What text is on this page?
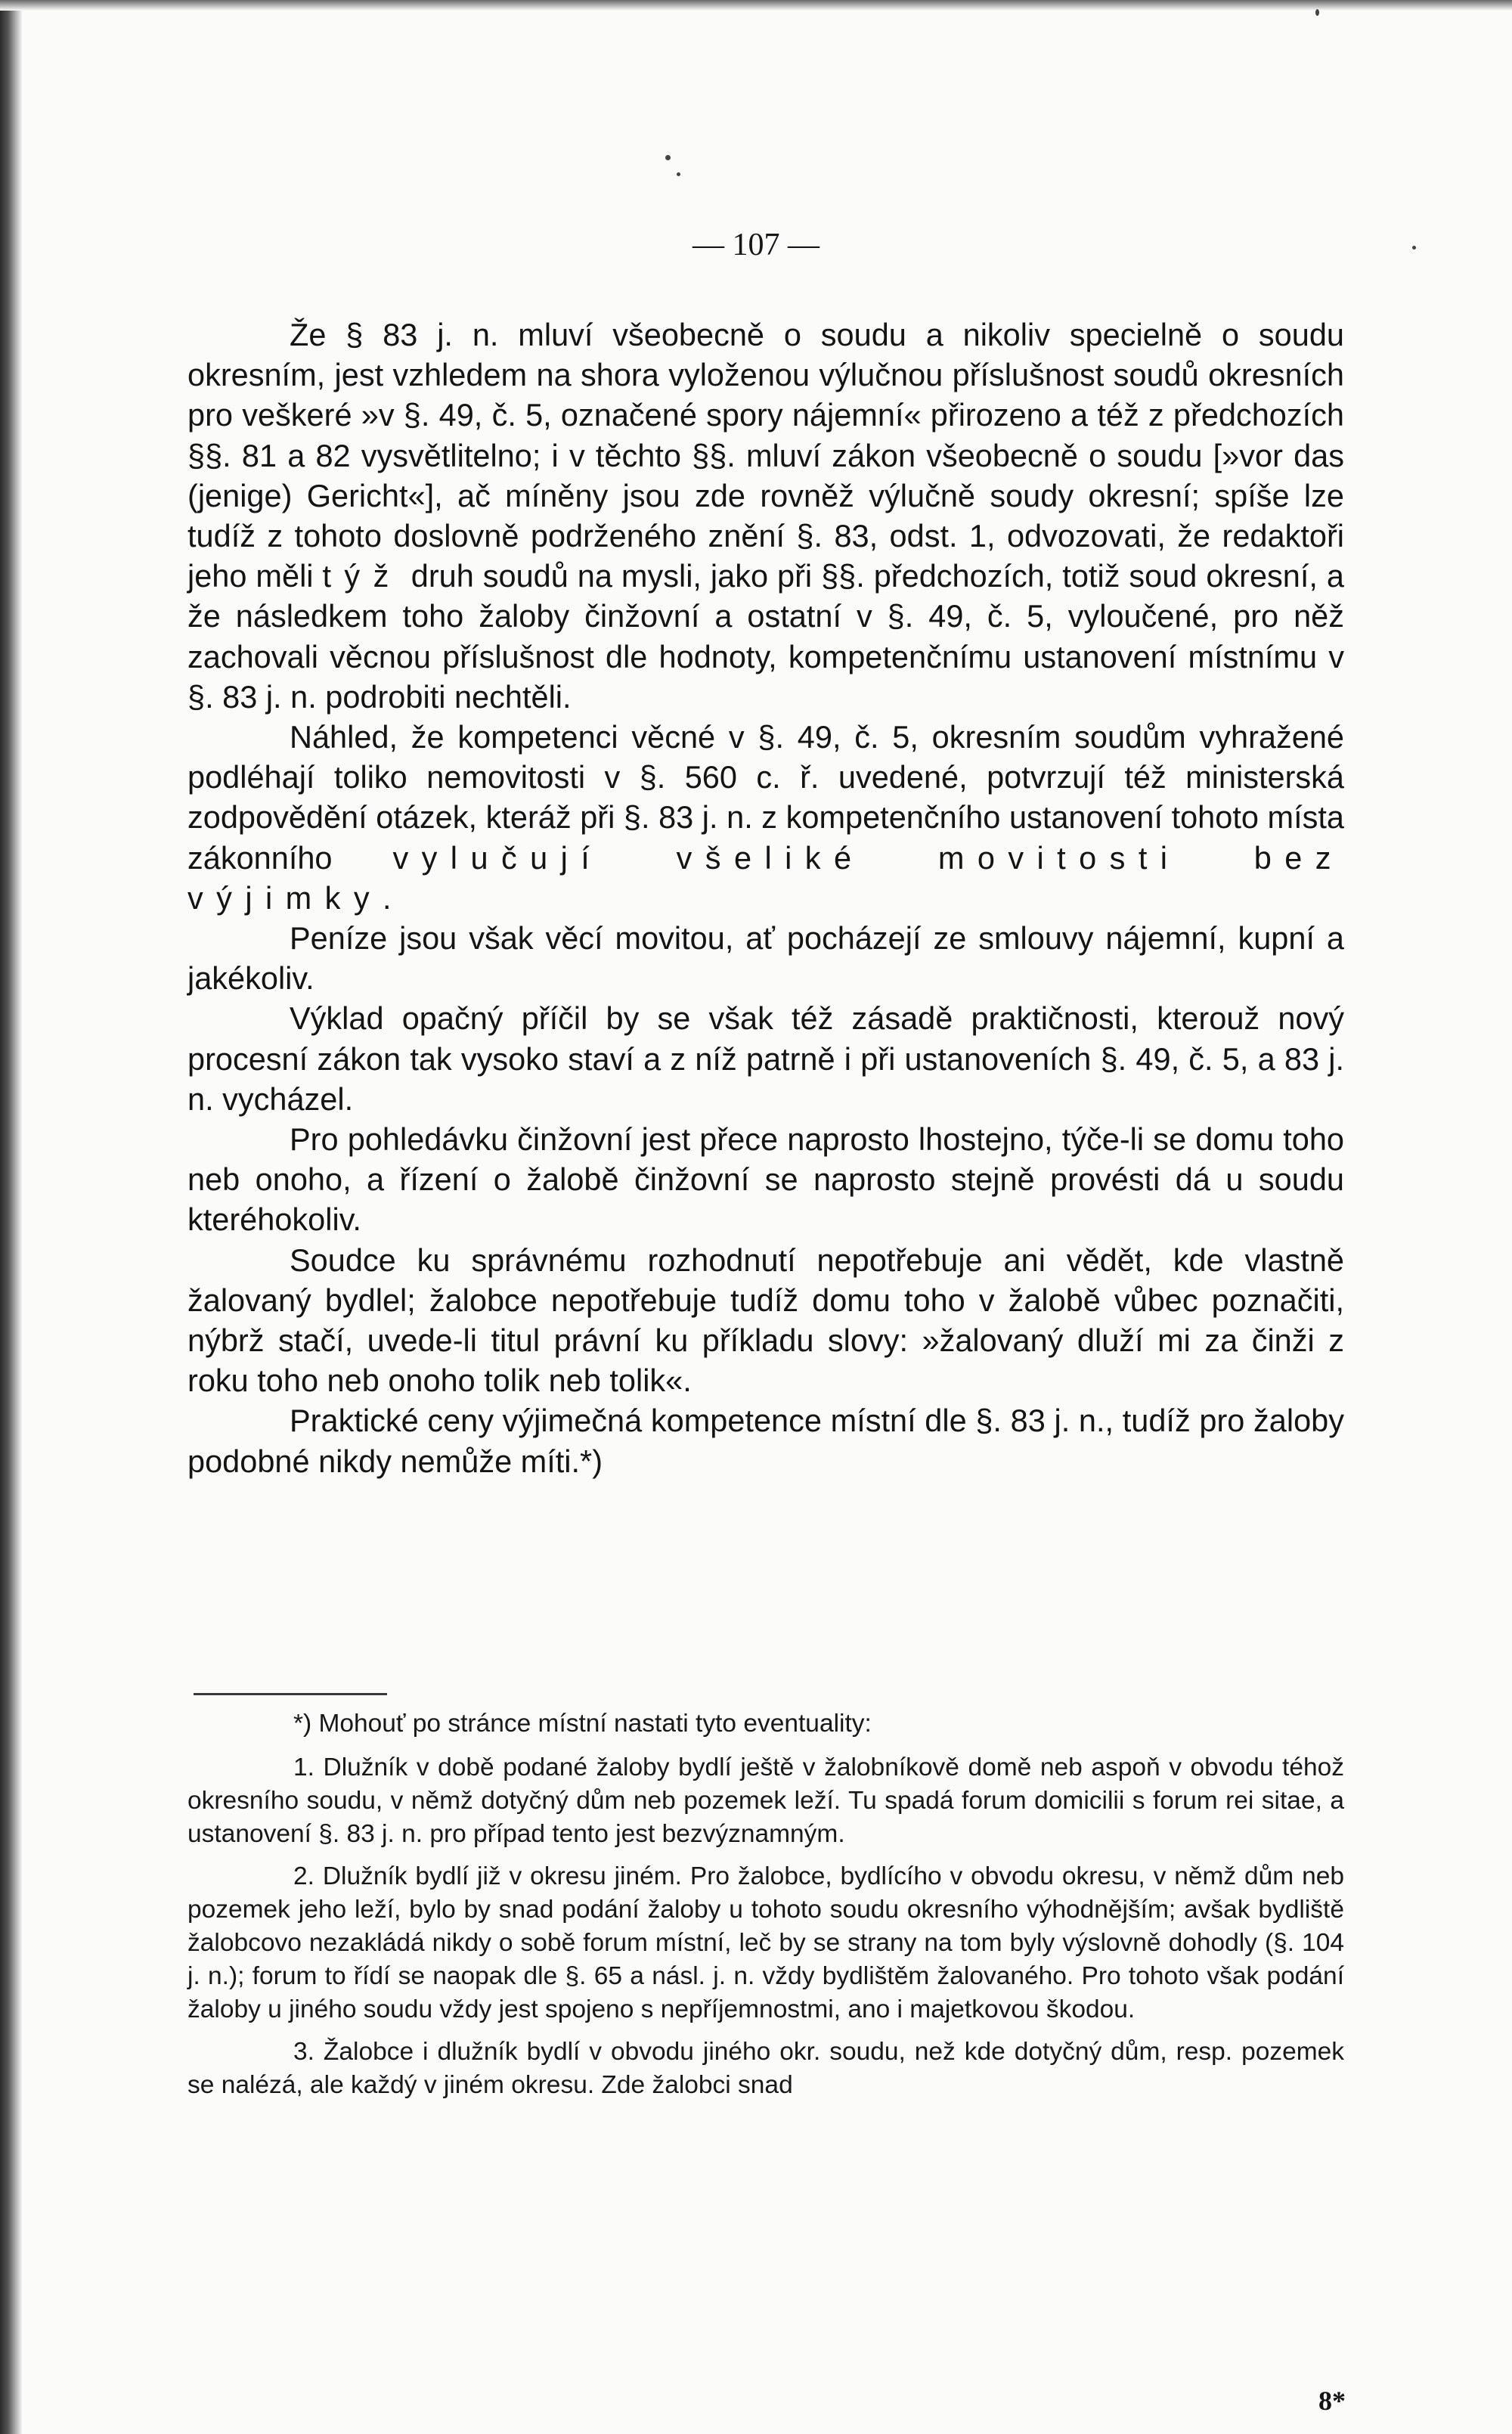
— 107 —

Že § 83 j. n. mluví všeobecně o soudu a nikoliv specielně o soudu okresním, jest vzhledem na shora vyloženou výlučnou příslušnost soudů okresních pro veškeré »v §. 49, č. 5, označené spory nájemní« přirozeno a též z předchozích §§. 81 a 82 vysvětlitelno; i v těchto §§. mluví zákon všeobecně o soudu [»vor das (jenige) Gericht«], ač míněny jsou zde rovněž výlučně soudy okresní; spíše lze tudíž z tohoto doslovně podrženého znění §. 83, odst. 1, odvozovati, že redaktoři jeho měli týž druh soudů na mysli, jako při §§. předchozích, totiž soud okresní, a že následkem toho žaloby činžovní a ostatní v §. 49, č. 5, vyloučené, pro něž zachovali věcnou příslušnost dle hodnoty, kompetenčnímu ustanovení místnímu v §. 83 j. n. podrobiti nechtěli.

Náhled, že kompetenci věcné v §. 49, č. 5, okresním soudům vyhražené podléhají toliko nemovitosti v §. 560 c. ř. uvedené, potvrzují též ministerská zodpovědění otázek, kteráž při §. 83 j. n. z kompetenčního ustanovení tohoto místa zákonního vylučují všeliké movitosti bez výjimky.

Peníze jsou však věcí movitou, ať pocházejí ze smlouvy nájemní, kupní a jakékoliv.

Výklad opačný příčil by se však též zásadě praktičnosti, kterouž nový procesní zákon tak vysoko staví a z níž patrně i při ustanoveních §. 49, č. 5, a 83 j. n. vycházel.

Pro pohledávku činžovní jest přece naprosto lhostejno, týče-li se domu toho neb onoho, a řízení o žalobě činžovní se naprosto stejně provésti dá u soudu kteréhokoliv.

Soudce ku správnému rozhodnutí nepotřebuje ani vědět, kde vlastně žalovaný bydlel; žalobce nepotřebuje tudíž domu toho v žalobě vůbec poznačiti, nýbrž stačí, uvede-li titul právní ku příkladu slovy: »žalovaný dluží mi za činži z roku toho neb onoho tolik neb tolik«.

Praktické ceny výjimečná kompetence místní dle §. 83 j. n., tudíž pro žaloby podobné nikdy nemůže míti.*)

*) Mohouť po stránce místní nastati tyto eventuality:

1. Dlužník v době podané žaloby bydlí ještě v žalobníkově domě neb aspoň v obvodu téhož okresního soudu, v němž dotyčný dům neb pozemek leží. Tu spadá forum domicilii s forum rei sitae, a ustanovení §. 83 j. n. pro případ tento jest bezvýznamným.

2. Dlužník bydlí již v okresu jiném. Pro žalobce, bydlícího v obvodu okresu, v němž dům neb pozemek jeho leží, bylo by snad podání žaloby u tohoto soudu okresního výhodnějším; avšak bydliště žalobcovo nezakládá nikdy o sobě forum místní, leč by se strany na tom byly výslovně dohodly (§. 104 j. n.); forum to řídí se naopak dle §. 65 a násl. j. n. vždy bydlištěm žalovaného. Pro tohoto však podání žaloby u jiného soudu vždy jest spojeno s nepříjemnostmi, ano i majetkovou škodou.

3. Žalobce i dlužník bydlí v obvodu jiného okr. soudu, než kde dotyčný dům, resp. pozemek se nalézá, ale každý v jiném okresu. Zde žalobci snad

8*
